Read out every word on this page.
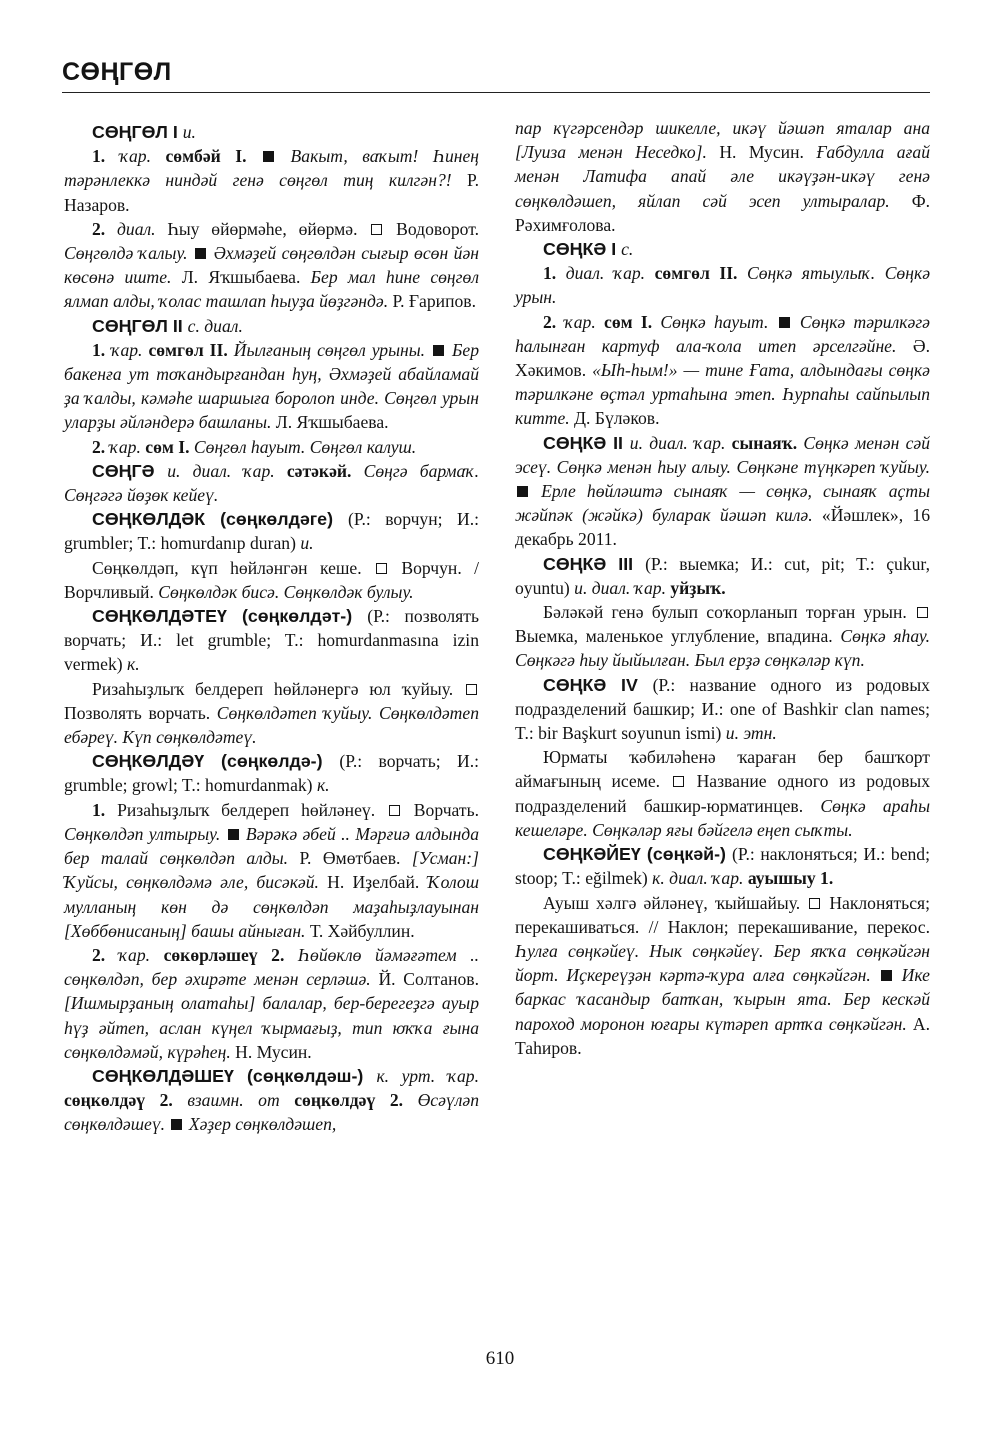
СӨҢГӨЛ

СӨҢГӨЛ I и.

1. ҡар. сөмбәй I.  Вакыт, ваҡыт! Һинең тәрәнлеккә ниндәй генә сөңгөл тиң килгән?! Р. Назаров.

2. диал. Һыу өйөрмәһе, өйөрмә.  Водоворот. Сөңгөлдә ҡалыу.  Әхмәҙей сөңгөлдән сығыр өсөн йән көсөнә иште. Л. Яҡшыбаева. Бер мал һине сөңгөл ялмап алды, ҡолас ташлап һыуҙа йөҙгәндә. Р. Ғарипов.

СӨҢГӨЛ II с. диал.

1. ҡар. сөмгөл II. Йылғаның сөңгөл урыны.  Бер бакенға ут тоҡандырғандан һуң, Әхмәҙей абайламай ҙа ҡалды, кәмәһе шаршыға боролоп инде. Сөңгөл урын уларҙы әйләндерә башланы. Л. Яҡшыбаева.

2. ҡар. сөм I. Сөңгөл һауыт. Сөңгөл калуш.

СӨҢГӘ и. диал. ҡар. сәтәкәй. Сөңгә бармаҡ. Сөңгәгә йөҙөк кейеү.

СӨҢКӨЛДӘК (сөңкөлдәге) (Р.: ворчун; И.: grumbler; T.: homurdanıp duran) и.

Сөңкөлдәп, күп һөйләнгән кеше.  Ворчун. / Ворчливый. Сөңкөлдәк бисә. Сөңкөлдәк булыу.

СӨҢКӨЛДӘТЕҮ (сөңкөлдәт-) (Р.: позволять ворчать; И.: let grumble; T.: homurdanmasına izin vermek) к.

Ризаһыҙлыҡ белдереп һөйләнергә юл ҡуйыу.  Позволять ворчать. Сөңкөлдәтеп ҡуйыу. Сөңкөлдәтеп ебәреү. Күп сөңкөлдәтеү.

СӨҢКӨЛДӘҮ (сөңкөлдә-) (Р.: ворчать; И.: grumble; growl; T.: homurdanmak) к.

1. Ризаһыҙлыҡ белдереп һөйләнеү.  Ворчать. Сөңкөлдәп ултырыу.  Вәрәкә әбей .. Мәрғиә алдында бер талай сөңкөлдәп алды. Р. Өмөтбаев. [Усман:] Ҡуйсы, сөңкөлдәмә әле, бисәкәй. Н. Иҙелбай. Ҡолош мулланың көн дә сөңкөлдәп маҙаһыҙлауынан [Хөббөнисаның] башы айныған. Т. Хәйбуллин.

2. ҡар. сөкөрләшеү 2. Һөйөклө йәмәғәтем .. сөңкөлдәп, бер әхирәте менән серләшә. Й. Солтанов. [Ишмырҙаның олатаһы] балалар, бер-берегеҙгә ауыр һүҙ әйтеп, аслан күңел ҡырмағыҙ, тип юҡҡа ғына сөңкөлдәмәй, күрәһең. Н. Мусин.

СӨҢКӨЛДӘШЕҮ (сөңкөлдәш-) к. урт. ҡар. сөңкөлдәү 2. взаимн. от сөңкөлдәү 2. Өсәүләп сөңкөлдәшеү.  Хәҙер сөңкөлдәшеп,

пар күгәрсендәр шикелле, икәү йәшәп яталар ана [Луиза менән Неседко]. Н. Мусин. Ғабдулла ағай менән Латифа апай әле икәүҙән-икәү генә сөңкөлдәшеп, яйлап сәй эсеп ултыралар. Ф. Рәхимғолова.

СӨҢКӘ I с.

1. диал. ҡар. сөмгөл II. Сөңкә ятыулыҡ. Сөңкә урын.

2. ҡар. сөм I. Сөңкә һауыт.  Сөңкә тәрилкәгә һалынған картуф ала-ҡола итеп әрселгәйне. Ә. Хәкимов. «Ыһ-һым!» — тине Ғата, алдындағы сөңкә тәрилкәне өҫтәл уртаһына этеп. Һурпаһы сайпылып китте. Д. Бүләков.

СӨҢКӘ II и. диал. ҡар. сынаяҡ. Сөңкә менән сәй эсеү. Сөңкә менән һыу алыу. Сөңкәне түңкәреп ҡуйыу.  Ерле һөйләштә сынаяҡ — сөңкә, сынаяҡ аҫты жәйпәк (жәйкә) буларак йәшәп килә. «Йәшлек», 16 декабрь 2011.

СӨҢКӘ III (Р.: выемка; И.: cut, pit; T.: çukur, oyuntu) и. диал. ҡар. уйҙыҡ.

Бәләкәй генә булып соҡорланып торған урын.  Выемка, маленькое углубление, впадина. Сөңкә яһау. Сөңкәгә һыу йыйылған. Был ерҙә сөңкәләр күп.

СӨҢКӘ IV (Р.: название одного из родовых подразделений башкир; И.: one of Bashkir clan names; T.: bir Başkurt soyunun ismi) и. этн.

Юрматы ҡәбиләһенә ҡараған бер башҡорт аймағының исеме.  Название одного из родовых подразделений башкир-юрматинцев. Сөңкә араһы кешеләре. Сөңкәләр яғы бәйгелә еңеп сыҡты.

СӨҢКӘЙЕҮ (сөңкәй-) (Р.: наклоняться; И.: bend; stoop; T.: eğilmek) к. диал. ҡар. ауышыу 1.

Ауыш хәлгә әйләнеү, ҡыйшайыу.  Наклоняться; перекашиваться. // Наклон; перекашивание, перекос. Һулға сөңкәйеү. Нык сөңкәйеү. Бер яҡҡа сөңкәйгән йорт. Иҫкереүҙән кәртә-ҡура алға сөңкәйгән.  Ике баркас ҡасандыр батҡан, ҡырын ята. Бер кескәй пароход моронон юғары күтәреп артҡа сөңкәйгән. А. Таһиров.

610
